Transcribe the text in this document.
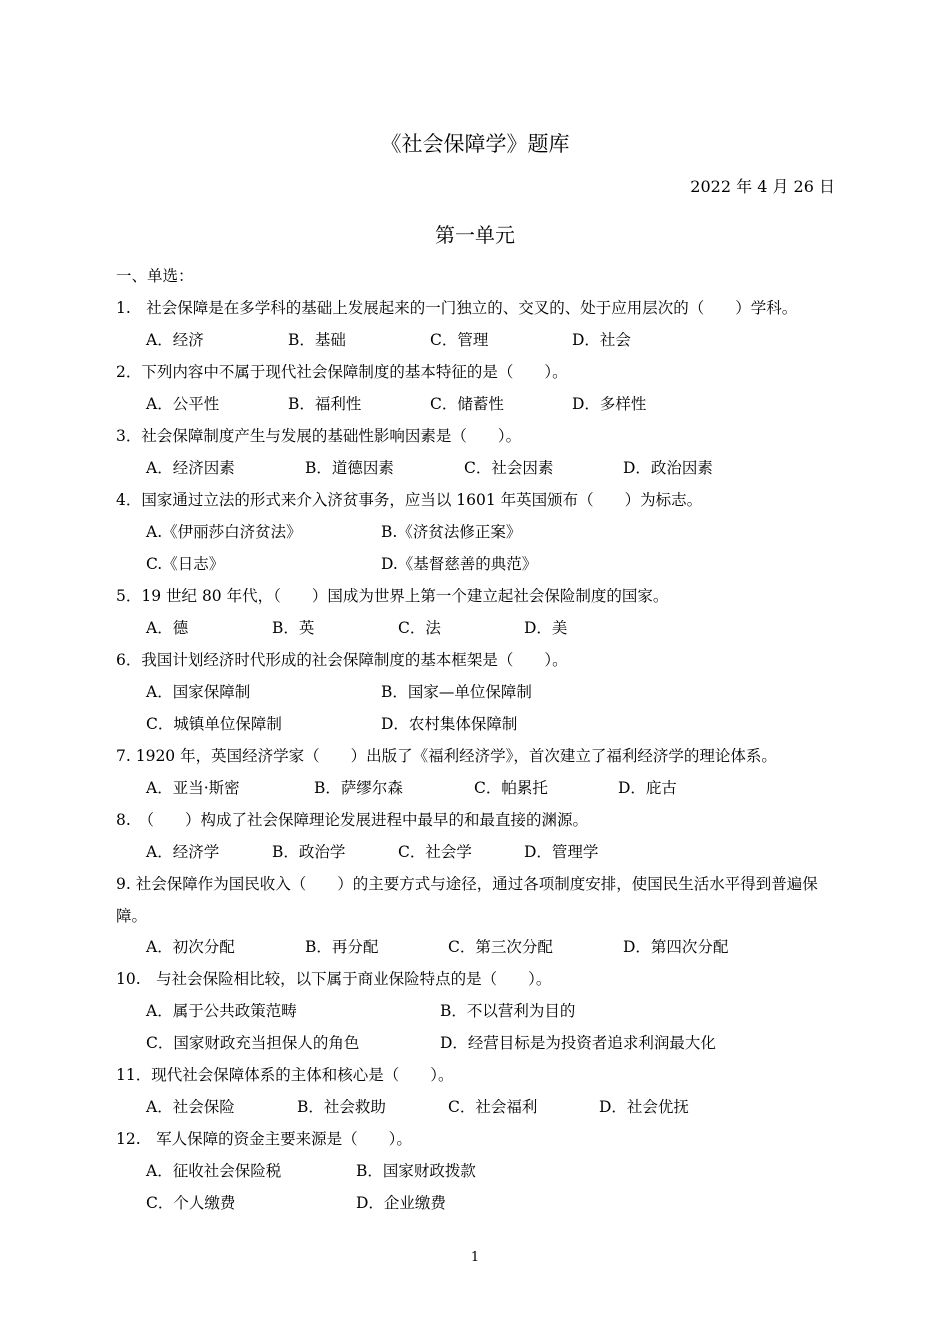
《社会保障学》题库
2022 年 4 月 26 日
第一单元
一、单选：
1.　社会保障是在多学科的基础上发展起来的一门独立的、交叉的、处于应用层次的（　　）学科。
A．经济	B．基础	C．管理	D．社会
2．下列内容中不属于现代社会保障制度的基本特征的是（　　）。
A．公平性	B．福利性	C．储蓄性	D．多样性
3．社会保障制度产生与发展的基础性影响因素是（　　）。
A．经济因素	B．道德因素	C．社会因素	D．政治因素
4．国家通过立法的形式来介入济贫事务，应当以 1601 年英国颁布（　　）为标志。
A.《伊丽莎白济贫法》	B.《济贫法修正案》
C.《日志》	D.《基督慈善的典范》
5．19 世纪 80 年代，（　　）国成为世界上第一个建立起社会保险制度的国家。
A．德	B．英	C．法	D．美
6．我国计划经济时代形成的社会保障制度的基本框架是（　　）。
A．国家保障制	B．国家—单位保障制
C．城镇单位保障制	D．农村集体保障制
7. 1920 年，英国经济学家（　　）出版了《福利经济学》，首次建立了福利经济学的理论体系。
A．亚当·斯密	B．萨缪尔森	C．帕累托	D．庇古
8.　（　　）构成了社会保障理论发展进程中最早的和最直接的渊源。
A．经济学	B．政治学	C．社会学	D．管理学
9. 社会保障作为国民收入（　　）的主要方式与途径，通过各项制度安排，使国民生活水平得到普遍保障。
A．初次分配	B．再分配	C．第三次分配	D．第四次分配
10.　与社会保险相比较，以下属于商业保险特点的是（　　）。
A．属于公共政策范畴	B．不以营利为目的
C．国家财政充当担保人的角色	D．经营目标是为投资者追求利润最大化
11．现代社会保障体系的主体和核心是（　　）。
A．社会保险	B．社会救助	C．社会福利	D．社会优抚
12.　军人保障的资金主要来源是（　　）。
A．征收社会保险税	B．国家财政拨款
C．个人缴费	D．企业缴费
1
